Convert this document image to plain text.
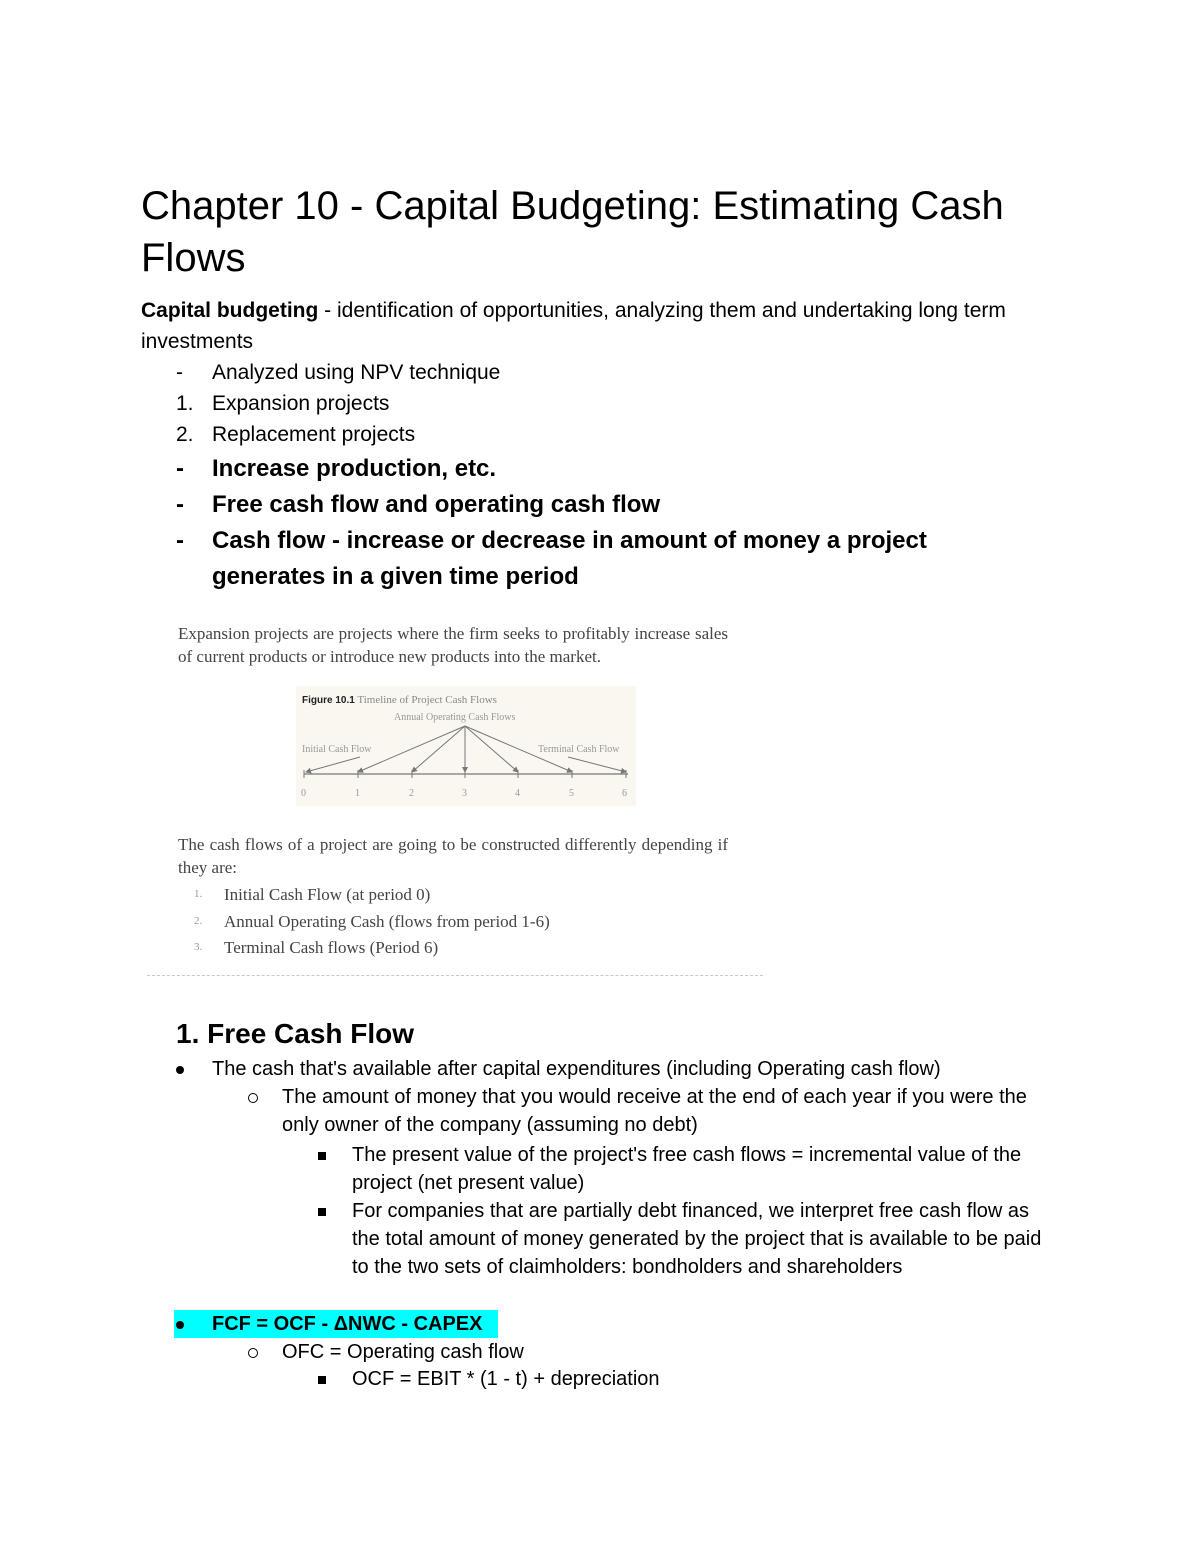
Chapter 10 - Capital Budgeting: Estimating Cash Flows
Capital budgeting - identification of opportunities, analyzing them and undertaking long term investments
- Analyzed using NPV technique
1. Expansion projects
2. Replacement projects
- Increase production, etc.
- Free cash flow and operating cash flow
- Cash flow - increase or decrease in amount of money a project generates in a given time period
Expansion projects are projects where the firm seeks to profitably increase sales of current products or introduce new products into the market.
Figure 10.1 Timeline of Project Cash Flows
Annual Operating Cash Flows
Initial Cash Flow	Terminal Cash Flow
0	1	2	3	4	5	6
The cash flows of a project are going to be constructed differently depending if they are:
1. Initial Cash Flow (at period 0)
2. Annual Operating Cash (flows from period 1-6)
3. Terminal Cash flows (Period 6)
1. Free Cash Flow
The cash that's available after capital expenditures (including Operating cash flow)
The amount of money that you would receive at the end of each year if you were the only owner of the company (assuming no debt)
The present value of the project's free cash flows = incremental value of the project (net present value)
For companies that are partially debt financed, we interpret free cash flow as the total amount of money generated by the project that is available to be paid to the two sets of claimholders: bondholders and shareholders
FCF = OCF - ΔNWC - CAPEX
OFC = Operating cash flow
OCF = EBIT * (1 - t) + depreciation
